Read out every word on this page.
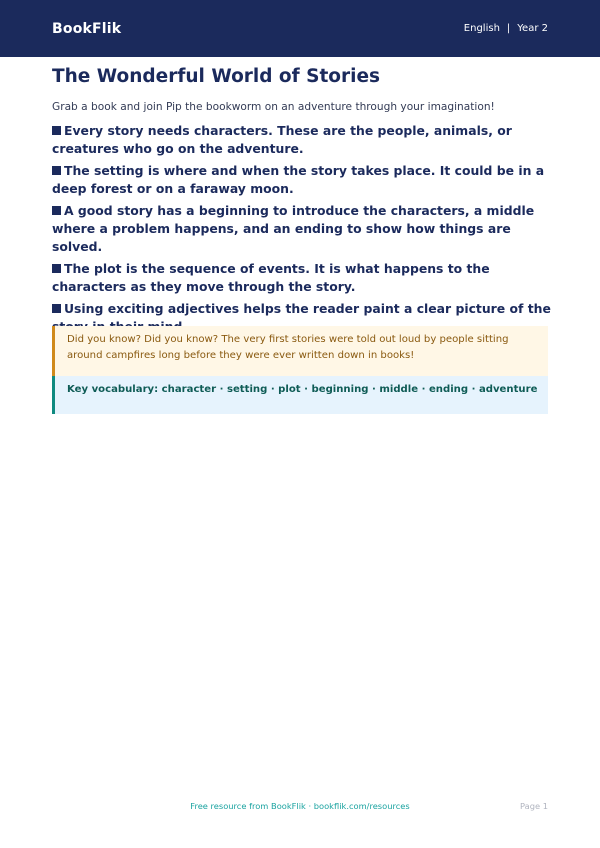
BookFlik	English | Year 2
The Wonderful World of Stories

Grab a book and join Pip the bookworm on an adventure through your imagination!

Every story needs characters. These are the people, animals, or creatures who go on the adventure.
The setting is where and when the story takes place. It could be in a deep forest or on a faraway moon.
A good story has a beginning to introduce the characters, a middle where a problem happens, and an ending to show how things are solved.
The plot is the sequence of events. It is what happens to the characters as they move through the story.
Using exciting adjectives helps the reader paint a clear picture of the

Did you know? Did you know? The very first stories were told out loud by people sitting around campfires long before they were ever written down in books!

Key vocabulary: character · setting · plot · beginning · middle · ending · adventure

Free resource from BookFlik · bookflik.com/resources	Page 1
